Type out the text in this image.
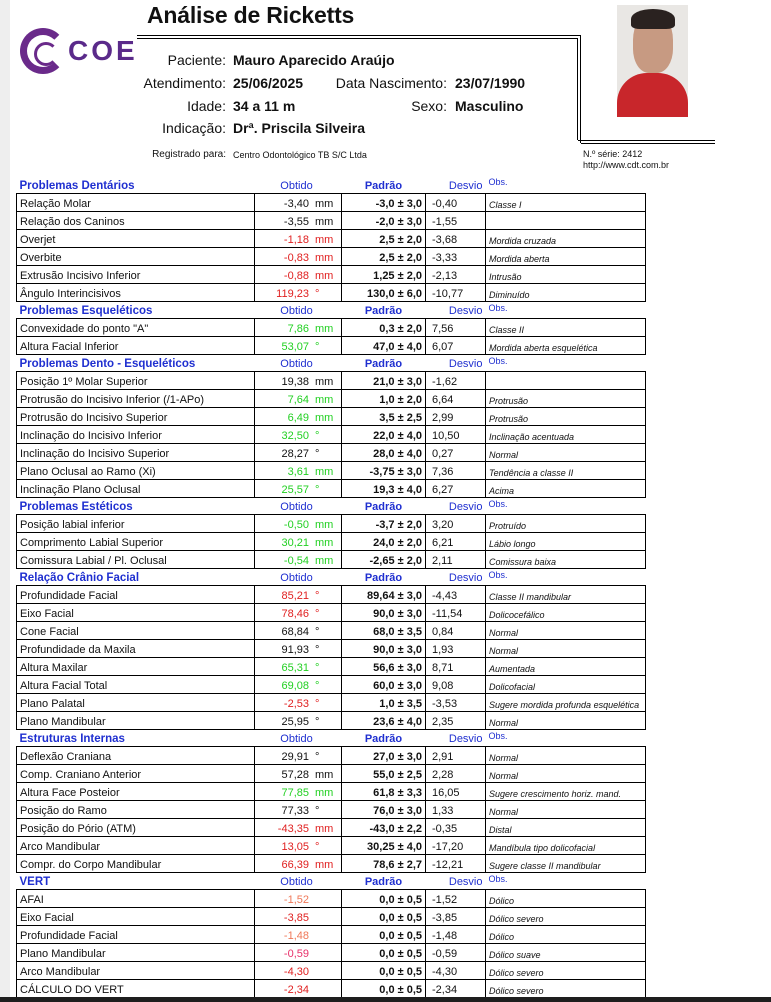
Análise de Ricketts
COE	Paciente: Mauro Aparecido Araújo
Atendimento: 25/06/2025	Data Nascimento: 23/07/1990
Idade: 34 a 11 m	Sexo: Masculino
Indicação: Drª. Priscila Silveira
Registrado para: Centro Odontológico TB S/C Ltda	N.º série: 2412
http://www.cdt.com.br
Problemas Dentários	Obtido	Padrão	Desvio	Obs.
Relação Molar	-3,40 mm	-3,0 ± 3,0	-0,40	Classe I
Relação dos Caninos	-3,55 mm	-2,0 ± 3,0	-1,55	
Overjet	-1,18 mm	2,5 ± 2,0	-3,68	Mordida cruzada
Overbite	-0,83 mm	2,5 ± 2,0	-3,33	Mordida aberta
Extrusão Incisivo Inferior	-0,88 mm	1,25 ± 2,0	-2,13	Intrusão
Ângulo Interincisivos	119,23 °	130,0 ± 6,0	-10,77	Diminuído
Problemas Esqueléticos	Obtido	Padrão	Desvio	Obs.
Convexidade do ponto "A"	7,86 mm	0,3 ± 2,0	7,56	Classe II
Altura Facial Inferior	53,07 °	47,0 ± 4,0	6,07	Mordida aberta esquelética
Problemas Dento - Esqueléticos	Obtido	Padrão	Desvio	Obs.
Posição 1º Molar Superior	19,38 mm	21,0 ± 3,0	-1,62	
Protrusão do Incisivo Inferior (/1-APo)	7,64 mm	1,0 ± 2,0	6,64	Protrusão
Protrusão do Incisivo Superior	6,49 mm	3,5 ± 2,5	2,99	Protrusão
Inclinação do Incisivo Inferior	32,50 °	22,0 ± 4,0	10,50	Inclinação acentuada
Inclinação do Incisivo Superior	28,27 °	28,0 ± 4,0	0,27	Normal
Plano Oclusal ao Ramo (Xi)	3,61 mm	-3,75 ± 3,0	7,36	Tendência a classe II
Inclinação Plano Oclusal	25,57 °	19,3 ± 4,0	6,27	Acima
Problemas Estéticos	Obtido	Padrão	Desvio	Obs.
Posição labial inferior	-0,50 mm	-3,7 ± 2,0	3,20	Protruído
Comprimento Labial Superior	30,21 mm	24,0 ± 2,0	6,21	Lábio longo
Comissura Labial / Pl. Oclusal	-0,54 mm	-2,65 ± 2,0	2,11	Comissura baixa
Relação Crânio Facial	Obtido	Padrão	Desvio	Obs.
Profundidade Facial	85,21 °	89,64 ± 3,0	-4,43	Classe II mandibular
Eixo Facial	78,46 °	90,0 ± 3,0	-11,54	Dolicocefálico
Cone Facial	68,84 °	68,0 ± 3,5	0,84	Normal
Profundidade da Maxila	91,93 °	90,0 ± 3,0	1,93	Normal
Altura Maxilar	65,31 °	56,6 ± 3,0	8,71	Aumentada
Altura Facial Total	69,08 °	60,0 ± 3,0	9,08	Dolicofacial
Plano Palatal	-2,53 °	1,0 ± 3,5	-3,53	Sugere mordida profunda esquelética
Plano Mandibular	25,95 °	23,6 ± 4,0	2,35	Normal
Estruturas Internas	Obtido	Padrão	Desvio	Obs.
Deflexão Craniana	29,91 °	27,0 ± 3,0	2,91	Normal
Comp. Craniano Anterior	57,28 mm	55,0 ± 2,5	2,28	Normal
Altura Face Posteior	77,85 mm	61,8 ± 3,3	16,05	Sugere crescimento horiz. mand.
Posição do Ramo	77,33 °	76,0 ± 3,0	1,33	Normal
Posição do Pório (ATM)	-43,35 mm	-43,0 ± 2,2	-0,35	Distal
Arco Mandibular	13,05 °	30,25 ± 4,0	-17,20	Mandíbula tipo dolicofacial
Compr. do Corpo Mandibular	66,39 mm	78,6 ± 2,7	-12,21	Sugere classe II mandibular
VERT	Obtido	Padrão	Desvio	Obs.
AFAI	-1,52	0,0 ± 0,5	-1,52	Dólico
Eixo Facial	-3,85	0,0 ± 0,5	-3,85	Dólico severo
Profundidade Facial	-1,48	0,0 ± 0,5	-1,48	Dólico
Plano Mandibular	-0,59	0,0 ± 0,5	-0,59	Dólico suave
Arco Mandibular	-4,30	0,0 ± 0,5	-4,30	Dólico severo
CÁLCULO DO VERT	-2,34	0,0 ± 0,5	-2,34	Dólico severo
